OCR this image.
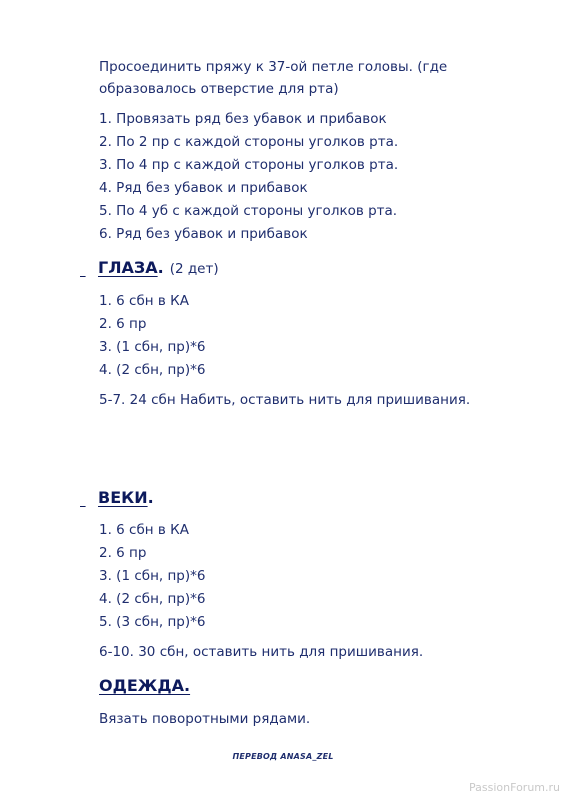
Просоединить пряжу к 37-ой петле головы. (где

образовалось отверстие для рта)

1. Провязать ряд без убавок и прибавок

2. По 2 пр с каждой стороны уголков рта.

3. По 4 пр с каждой стороны уголков рта.

4. Ряд без убавок и прибавок

5. По 4 уб с каждой стороны уголков рта.

6. Ряд без убавок и прибавок

ГЛАЗА. (2 дет)

1. 6 сбн в КА

2. 6 пр

3. (1 сбн, пр)*6

4. (2 сбн, пр)*6

5-7. 24 сбн Набить, оставить нить для пришивания.

ВЕКИ.

1. 6 сбн в КА

2. 6 пр

3. (1 сбн, пр)*6

4. (2 сбн, пр)*6

5. (3 сбн, пр)*6

6-10. 30 сбн, оставить нить для пришивания.

ОДЕЖДА.

Вязать поворотными рядами.

ПЕРЕВОД ANASA_ZEL
PassionForum.ru
